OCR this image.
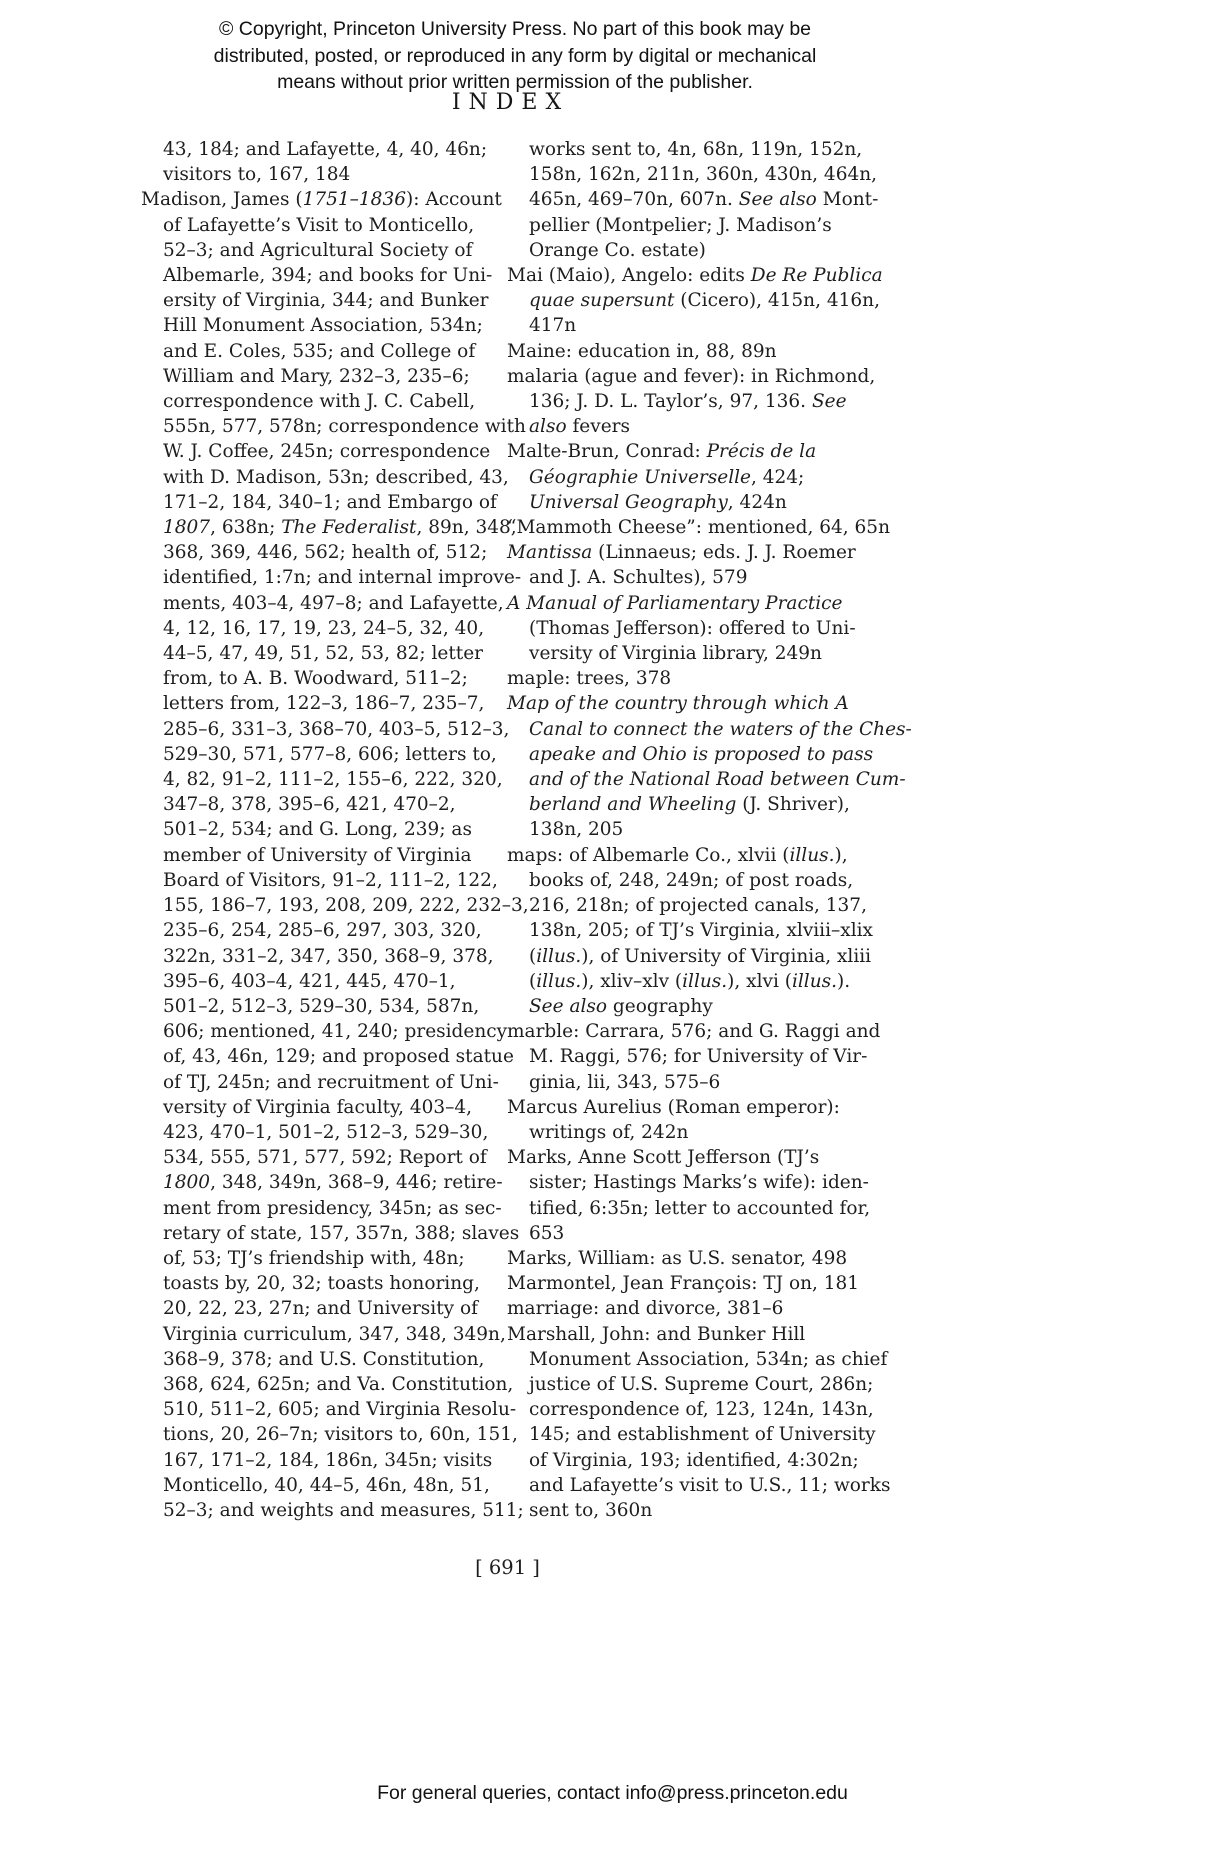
© Copyright, Princeton University Press. No part of this book may be
distributed, posted, or reproduced in any form by digital or mechanical
means without prior written permission of the publisher.
INDEX
43, 184; and Lafayette, 4, 40, 46n;
visitors to, 167, 184
Madison, James (1751–1836): Account
of Lafayette’s Visit to Monticello,
52–3; and Agricultural Society of
Albemarle, 394; and books for Uni-
ersity of Virginia, 344; and Bunker
Hill Monument Association, 534n;
and E. Coles, 535; and College of
William and Mary, 232–3, 235–6;
correspondence with J. C. Cabell,
555n, 577, 578n; correspondence with
W. J. Coffee, 245n; correspondence
with D. Madison, 53n; described, 43,
171–2, 184, 340–1; and Embargo of
1807, 638n; The Federalist, 89n, 348,
368, 369, 446, 562; health of, 512;
identified, 1:7n; and internal improve-
ments, 403–4, 497–8; and Lafayette,
4, 12, 16, 17, 19, 23, 24–5, 32, 40,
44–5, 47, 49, 51, 52, 53, 82; letter
from, to A. B. Woodward, 511–2;
letters from, 122–3, 186–7, 235–7,
285–6, 331–3, 368–70, 403–5, 512–3,
529–30, 571, 577–8, 606; letters to,
4, 82, 91–2, 111–2, 155–6, 222, 320,
347–8, 378, 395–6, 421, 470–2,
501–2, 534; and G. Long, 239; as
member of University of Virginia
Board of Visitors, 91–2, 111–2, 122,
155, 186–7, 193, 208, 209, 222, 232–3,
235–6, 254, 285–6, 297, 303, 320,
322n, 331–2, 347, 350, 368–9, 378,
395–6, 403–4, 421, 445, 470–1,
501–2, 512–3, 529–30, 534, 587n,
606; mentioned, 41, 240; presidency
of, 43, 46n, 129; and proposed statue
of TJ, 245n; and recruitment of Uni-
versity of Virginia faculty, 403–4,
423, 470–1, 501–2, 512–3, 529–30,
534, 555, 571, 577, 592; Report of
1800, 348, 349n, 368–9, 446; retire-
ment from presidency, 345n; as sec-
retary of state, 157, 357n, 388; slaves
of, 53; TJ’s friendship with, 48n;
toasts by, 20, 32; toasts honoring,
20, 22, 23, 27n; and University of
Virginia curriculum, 347, 348, 349n,
368–9, 378; and U.S. Constitution,
368, 624, 625n; and Va. Constitution,
510, 511–2, 605; and Virginia Resolu-
tions, 20, 26–7n; visitors to, 60n, 151,
167, 171–2, 184, 186n, 345n; visits
Monticello, 40, 44–5, 46n, 48n, 51,
52–3; and weights and measures, 511;
works sent to, 4n, 68n, 119n, 152n,
158n, 162n, 211n, 360n, 430n, 464n,
465n, 469–70n, 607n. See also Mont-
pellier (Montpelier; J. Madison’s
Orange Co. estate)
Mai (Maio), Angelo: edits De Re Publica
quae supersunt (Cicero), 415n, 416n,
417n
Maine: education in, 88, 89n
malaria (ague and fever): in Richmond,
136; J. D. L. Taylor’s, 97, 136. See
also fevers
Malte-Brun, Conrad: Précis de la
Géographie Universelle, 424;
Universal Geography, 424n
“Mammoth Cheese”: mentioned, 64, 65n
Mantissa (Linnaeus; eds. J. J. Roemer
and J. A. Schultes), 579
A Manual of Parliamentary Practice
(Thomas Jefferson): offered to Uni-
versity of Virginia library, 249n
maple: trees, 378
Map of the country through which A
Canal to connect the waters of the Ches-
apeake and Ohio is proposed to pass
and of the National Road between Cum-
berland and Wheeling (J. Shriver),
138n, 205
maps: of Albemarle Co., xlvii (illus.),
books of, 248, 249n; of post roads,
216, 218n; of projected canals, 137,
138n, 205; of TJ’s Virginia, xlviii–xlix
(illus.), of University of Virginia, xliii
(illus.), xliv–xlv (illus.), xlvi (illus.).
See also geography
marble: Carrara, 576; and G. Raggi and
M. Raggi, 576; for University of Vir-
ginia, lii, 343, 575–6
Marcus Aurelius (Roman emperor):
writings of, 242n
Marks, Anne Scott Jefferson (TJ’s
sister; Hastings Marks’s wife): iden-
tified, 6:35n; letter to accounted for,
653
Marks, William: as U.S. senator, 498
Marmontel, Jean François: TJ on, 181
marriage: and divorce, 381–6
Marshall, John: and Bunker Hill
Monument Association, 534n; as chief
justice of U.S. Supreme Court, 286n;
correspondence of, 123, 124n, 143n,
145; and establishment of University
of Virginia, 193; identified, 4:302n;
and Lafayette’s visit to U.S., 11; works
sent to, 360n
[ 691 ]
For general queries, contact info@press.princeton.edu
